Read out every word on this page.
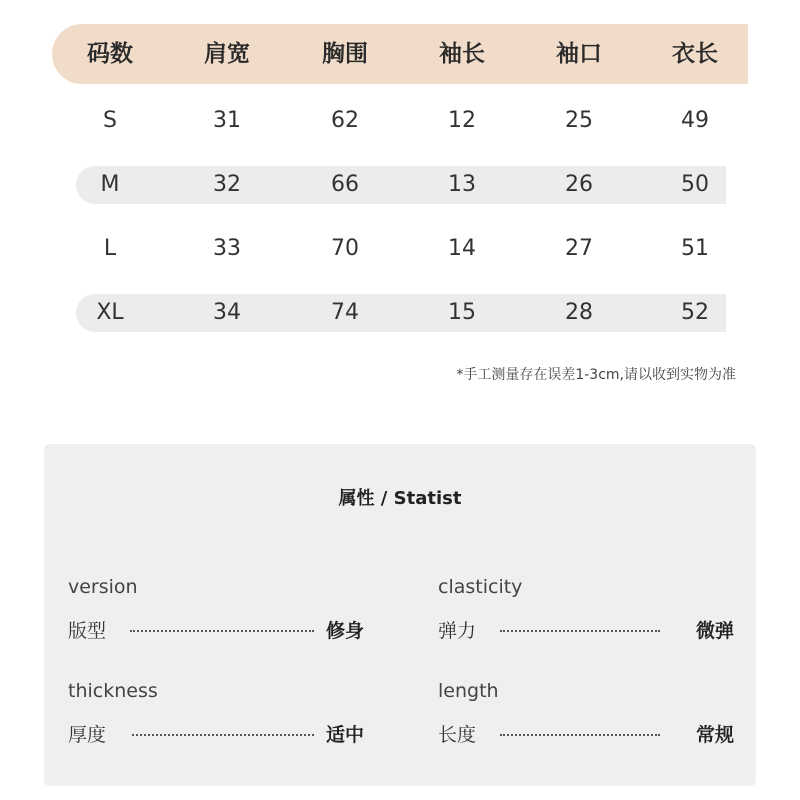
码数	肩宽	胸围	袖长	袖口	衣长
S	31	62	12	25	49
M	32	66	13	26	50
L	33	70	14	27	51
XL	34	74	15	28	52
*手工测量存在误差1-3cm,请以收到实物为准
属性 / Statist
version
版型	修身
clasticity
弹力	微弹
thickness
厚度	适中
length
长度	常规
